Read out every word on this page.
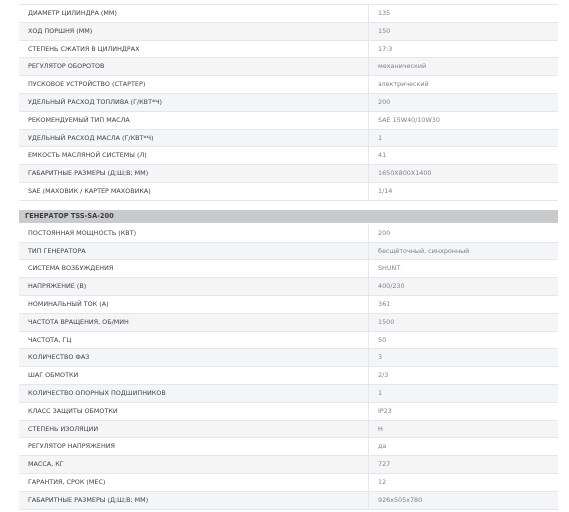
ДИАМЕТР ЦИЛИНДРА (ММ)	135
ХОД ПОРШНЯ (ММ)	150
СТЕПЕНЬ СЖАТИЯ В ЦИЛИНДРАХ	17:3
РЕГУЛЯТОР ОБОРОТОВ	механический
ПУСКОВОЕ УСТРОЙСТВО (СТАРТЕР)	электрический
УДЕЛЬНЫЙ РАСХОД ТОПЛИВА (Г/КВТ*Ч)	200
РЕКОМЕНДУЕМЫЙ ТИП МАСЛА	SAE 15W40/10W30
УДЕЛЬНЫЙ РАСХОД МАСЛА (Г/КВТ*Ч)	1
ЕМКОСТЬ МАСЛЯНОЙ СИСТЕМЫ (Л)	41
ГАБАРИТНЫЕ РАЗМЕРЫ (Д;Ш;В; ММ)	1650Х800Х1400
SAE (МАХОВИК / КАРТЕР МАХОВИКА)	1/14
ГЕНЕРАТОР TSS-SA-200
ПОСТОЯННАЯ МОЩНОСТЬ (КВТ)	200
ТИП ГЕНЕРАТОРА	бесщёточный, синхронный
СИСТЕМА ВОЗБУЖДЕНИЯ	SHUNT
НАПРЯЖЕНИЕ (В)	400/230
НОМИНАЛЬНЫЙ ТОК (А)	361
ЧАСТОТА ВРАЩЕНИЯ, ОБ/МИН	1500
ЧАСТОТА, ГЦ	50
КОЛИЧЕСТВО ФАЗ	3
ШАГ ОБМОТКИ	2/3
КОЛИЧЕСТВО ОПОРНЫХ ПОДШИПНИКОВ	1
КЛАСС ЗАЩИТЫ ОБМОТКИ	IP23
СТЕПЕНЬ ИЗОЛЯЦИИ	H
РЕГУЛЯТОР НАПРЯЖЕНИЯ	да
МАССА, КГ	727
ГАРАНТИЯ, СРОК (МЕС)	12
ГАБАРИТНЫЕ РАЗМЕРЫ (Д;Ш;В; ММ)	926х505х780
